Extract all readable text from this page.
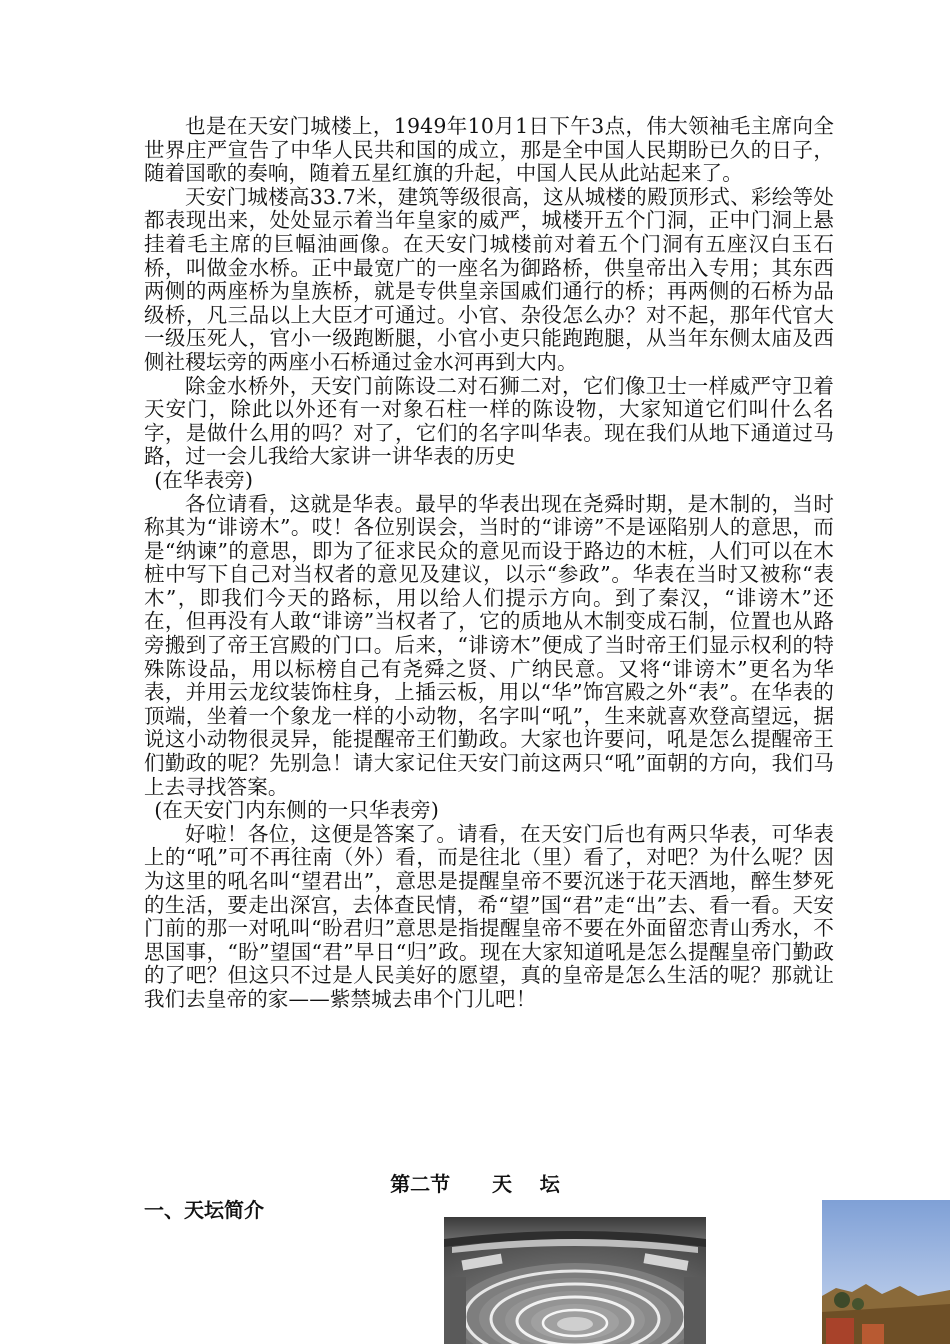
也是在天安门城楼上，1949年10月1日下午3点，伟大领袖毛主席向全世界庄严宣告了中华人民共和国的成立，那是全中国人民期盼已久的日子，随着国歌的奏响，随着五星红旗的升起，中国人民从此站起来了。

天安门城楼高33.7米，建筑等级很高，这从城楼的殿顶形式、彩绘等处都表现出来，处处显示着当年皇家的威严，城楼开五个门洞，正中门洞上悬挂着毛主席的巨幅油画像。在天安门城楼前对着五个门洞有五座汉白玉石桥，叫做金水桥。正中最宽广的一座名为御路桥，供皇帝出入专用；其东西两侧的两座桥为皇族桥，就是专供皇亲国戚们通行的桥；再两侧的石桥为品级桥，凡三品以上大臣才可通过。小官、杂役怎么办？对不起，那年代官大一级压死人，官小一级跑断腿，小官小吏只能跑跑腿，从当年东侧太庙及西侧社稷坛旁的两座小石桥通过金水河再到大内。

除金水桥外，天安门前陈设二对石狮二对，它们像卫士一样威严守卫着天安门，除此以外还有一对象石柱一样的陈设物，大家知道它们叫什么名字，是做什么用的吗？对了，它们的名字叫华表。现在我们从地下通道过马路，过一会儿我给大家讲一讲华表的历史

(在华表旁)

各位请看，这就是华表。最早的华表出现在尧舜时期，是木制的，当时称其为“诽谤木”。哎！各位别误会，当时的“诽谤”不是诬陷别人的意思，而是“纳谏”的意思，即为了征求民众的意见而设于路边的木桩，人们可以在木桩中写下自己对当权者的意见及建议，以示“参政”。华表在当时又被称“表木”，即我们今天的路标，用以给人们提示方向。到了秦汉，“诽谤木”还在，但再没有人敢“诽谤”当权者了，它的质地从木制变成石制，位置也从路旁搬到了帝王宫殿的门口。后来，“诽谤木”便成了当时帝王们显示权利的特殊陈设品，用以标榜自己有尧舜之贤、广纳民意。又将“诽谤木”更名为华表，并用云龙纹装饰柱身，上插云板，用以“华”饰宫殿之外“表”。在华表的顶端，坐着一个象龙一样的小动物，名字叫“吼”，生来就喜欢登高望远，据说这小动物很灵异，能提醒帝王们勤政。大家也许要问，吼是怎么提醒帝王们勤政的呢？先别急！请大家记住天安门前这两只“吼”面朝的方向，我们马上去寻找答案。

(在天安门内东侧的一只华表旁)

好啦！各位，这便是答案了。请看，在天安门后也有两只华表，可华表上的“吼”可不再往南（外）看，而是往北（里）看了，对吧？为什么呢？因为这里的吼名叫“望君出”，意思是提醒皇帝不要沉迷于花天酒地，醉生梦死的生活，要走出深宫，去体查民情，希“望”国“君”走“出”去、看一看。天安门前的那一对吼叫“盼君归”意思是指提醒皇帝不要在外面留恋青山秀水，不思国事，“盼”望国“君”早日“归”政。现在大家知道吼是怎么提醒皇帝门勤政的了吧？但这只不过是人民美好的愿望，真的皇帝是怎么生活的呢？那就让我们去皇帝的家——紫禁城去串个门儿吧！

第二节      天    坛
一、天坛简介
